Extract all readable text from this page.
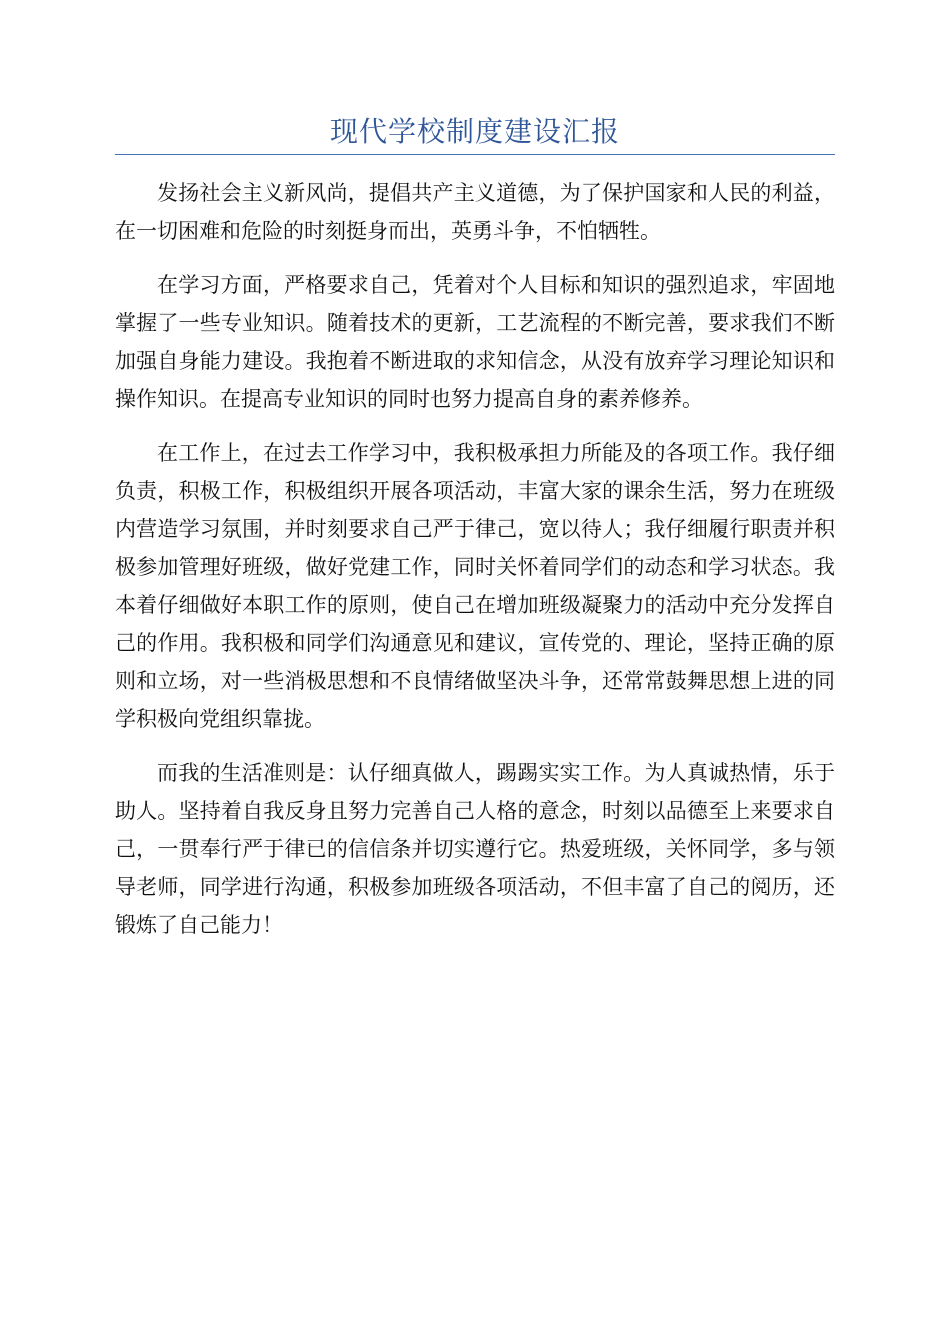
现代学校制度建设汇报

发扬社会主义新风尚，提倡共产主义道德，为了保护国家和人民的利益，在一切困难和危险的时刻挺身而出，英勇斗争，不怕牺牲。

在学习方面，严格要求自己，凭着对个人目标和知识的强烈追求，牢固地掌握了一些专业知识。随着技术的更新，工艺流程的不断完善，要求我们不断加强自身能力建设。我抱着不断进取的求知信念，从没有放弃学习理论知识和操作知识。在提高专业知识的同时也努力提高自身的素养修养。

在工作上，在过去工作学习中，我积极承担力所能及的各项工作。我仔细负责，积极工作，积极组织开展各项活动，丰富大家的课余生活，努力在班级内营造学习氛围，并时刻要求自己严于律己，宽以待人；我仔细履行职责并积极参加管理好班级，做好党建工作，同时关怀着同学们的动态和学习状态。我本着仔细做好本职工作的原则，使自己在增加班级凝聚力的活动中充分发挥自己的作用。我积极和同学们沟通意见和建议，宣传党的、理论，坚持正确的原则和立场，对一些消极思想和不良情绪做坚决斗争，还常常鼓舞思想上进的同学积极向党组织靠拢。

而我的生活准则是：认仔细真做人，踢踢实实工作。为人真诚热情，乐于助人。坚持着自我反身且努力完善自己人格的意念，时刻以品德至上来要求自己，一贯奉行严于律已的信信条并切实遵行它。热爱班级，关怀同学，多与领导老师，同学进行沟通，积极参加班级各项活动，不但丰富了自己的阅历，还锻炼了自己能力！
